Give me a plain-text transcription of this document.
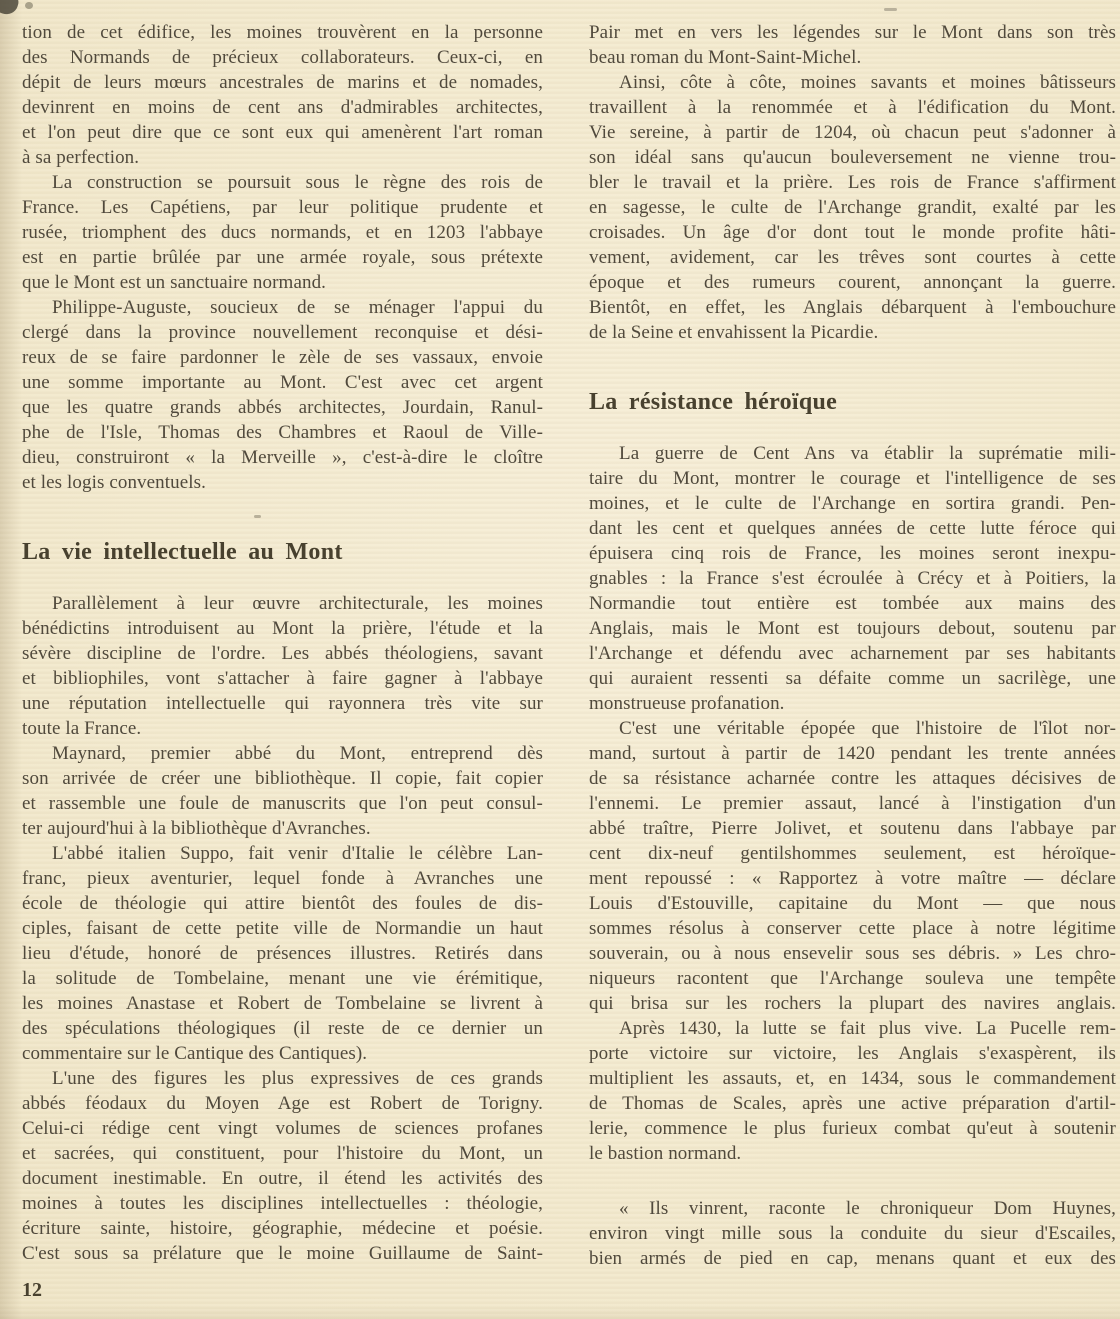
tion de cet édifice, les moines trouvèrent en la personne
des Normands de précieux collaborateurs. Ceux-ci, en
dépit de leurs mœurs ancestrales de marins et de nomades,
devinrent en moins de cent ans d'admirables architectes,
et l'on peut dire que ce sont eux qui amenèrent l'art roman
à sa perfection.
La construction se poursuit sous le règne des rois de
France. Les Capétiens, par leur politique prudente et
rusée, triomphent des ducs normands, et en 1203 l'abbaye
est en partie brûlée par une armée royale, sous prétexte
que le Mont est un sanctuaire normand.
Philippe-Auguste, soucieux de se ménager l'appui du
clergé dans la province nouvellement reconquise et dési-
reux de se faire pardonner le zèle de ses vassaux, envoie
une somme importante au Mont. C'est avec cet argent
que les quatre grands abbés architectes, Jourdain, Ranul-
phe de l'Isle, Thomas des Chambres et Raoul de Ville-
dieu, construiront « la Merveille », c'est-à-dire le cloître
et les logis conventuels.
La vie intellectuelle au Mont
Parallèlement à leur œuvre architecturale, les moines
bénédictins introduisent au Mont la prière, l'étude et la
sévère discipline de l'ordre. Les abbés théologiens, savant
et bibliophiles, vont s'attacher à faire gagner à l'abbaye
une réputation intellectuelle qui rayonnera très vite sur
toute la France.
Maynard, premier abbé du Mont, entreprend dès
son arrivée de créer une bibliothèque. Il copie, fait copier
et rassemble une foule de manuscrits que l'on peut consul-
ter aujourd'hui à la bibliothèque d'Avranches.
L'abbé italien Suppo, fait venir d'Italie le célèbre Lan-
franc, pieux aventurier, lequel fonde à Avranches une
école de théologie qui attire bientôt des foules de dis-
ciples, faisant de cette petite ville de Normandie un haut
lieu d'étude, honoré de présences illustres. Retirés dans
la solitude de Tombelaine, menant une vie érémitique,
les moines Anastase et Robert de Tombelaine se livrent à
des spéculations théologiques (il reste de ce dernier un
commentaire sur le Cantique des Cantiques).
L'une des figures les plus expressives de ces grands
abbés féodaux du Moyen Age est Robert de Torigny.
Celui-ci rédige cent vingt volumes de sciences profanes
et sacrées, qui constituent, pour l'histoire du Mont, un
document inestimable. En outre, il étend les activités des
moines à toutes les disciplines intellectuelles : théologie,
écriture sainte, histoire, géographie, médecine et poésie.
C'est sous sa prélature que le moine Guillaume de Saint-
Pair met en vers les légendes sur le Mont dans son très
beau roman du Mont-Saint-Michel.
Ainsi, côte à côte, moines savants et moines bâtisseurs
travaillent à la renommée et à l'édification du Mont.
Vie sereine, à partir de 1204, où chacun peut s'adonner à
son idéal sans qu'aucun bouleversement ne vienne trou-
bler le travail et la prière. Les rois de France s'affirment
en sagesse, le culte de l'Archange grandit, exalté par les
croisades. Un âge d'or dont tout le monde profite hâti-
vement, avidement, car les trêves sont courtes à cette
époque et des rumeurs courent, annonçant la guerre.
Bientôt, en effet, les Anglais débarquent à l'embouchure
de la Seine et envahissent la Picardie.
La résistance héroïque
La guerre de Cent Ans va établir la suprématie mili-
taire du Mont, montrer le courage et l'intelligence de ses
moines, et le culte de l'Archange en sortira grandi. Pen-
dant les cent et quelques années de cette lutte féroce qui
épuisera cinq rois de France, les moines seront inexpu-
gnables : la France s'est écroulée à Crécy et à Poitiers, la
Normandie tout entière est tombée aux mains des
Anglais, mais le Mont est toujours debout, soutenu par
l'Archange et défendu avec acharnement par ses habitants
qui auraient ressenti sa défaite comme un sacrilège, une
monstrueuse profanation.
C'est une véritable épopée que l'histoire de l'îlot nor-
mand, surtout à partir de 1420 pendant les trente années
de sa résistance acharnée contre les attaques décisives de
l'ennemi. Le premier assaut, lancé à l'instigation d'un
abbé traître, Pierre Jolivet, et soutenu dans l'abbaye par
cent dix-neuf gentilshommes seulement, est héroïque-
ment repoussé : « Rapportez à votre maître — déclare
Louis d'Estouville, capitaine du Mont — que nous
sommes résolus à conserver cette place à notre légitime
souverain, ou à nous ensevelir sous ses débris. » Les chro-
niqueurs racontent que l'Archange souleva une tempête
qui brisa sur les rochers la plupart des navires anglais.
Après 1430, la lutte se fait plus vive. La Pucelle rem-
porte victoire sur victoire, les Anglais s'exaspèrent, ils
multiplient les assauts, et, en 1434, sous le commandement
de Thomas de Scales, après une active préparation d'artil-
lerie, commence le plus furieux combat qu'eut à soutenir
le bastion normand.
« Ils vinrent, raconte le chroniqueur Dom Huynes,
environ vingt mille sous la conduite du sieur d'Escailes,
bien armés de pied en cap, menans quant et eux des
12
